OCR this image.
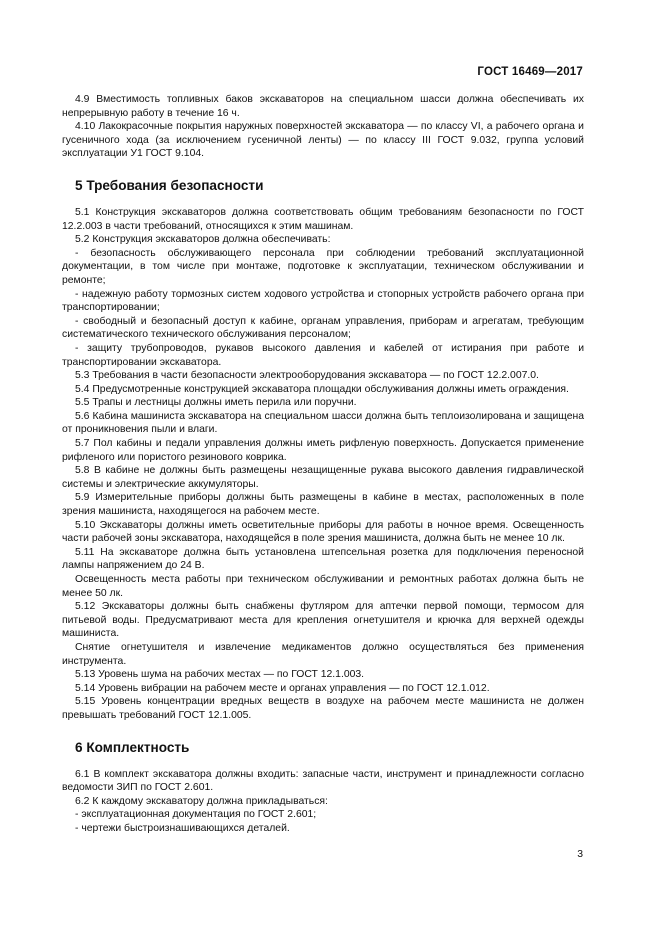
ГОСТ 16469—2017

4.9 Вместимость топливных баков экскаваторов на специальном шасси должна обеспечивать их непрерывную работу в течение 16 ч.

4.10 Лакокрасочные покрытия наружных поверхностей экскаватора — по классу VI, а рабочего органа и гусеничного хода (за исключением гусеничной ленты) — по классу III ГОСТ 9.032, группа условий эксплуатации У1 ГОСТ 9.104.

5 Требования безопасности

5.1 Конструкция экскаваторов должна соответствовать общим требованиям безопасности по ГОСТ 12.2.003 в части требований, относящихся к этим машинам.

5.2 Конструкция экскаваторов должна обеспечивать:

- безопасность обслуживающего персонала при соблюдении требований эксплуатационной документации, в том числе при монтаже, подготовке к эксплуатации, техническом обслуживании и ремонте;

- надежную работу тормозных систем ходового устройства и стопорных устройств рабочего органа при транспортировании;

- свободный и безопасный доступ к кабине, органам управления, приборам и агрегатам, требующим систематического технического обслуживания персоналом;

- защиту трубопроводов, рукавов высокого давления и кабелей от истирания при работе и транспортировании экскаватора.

5.3 Требования в части безопасности электрооборудования экскаватора — по ГОСТ 12.2.007.0.

5.4 Предусмотренные конструкцией экскаватора площадки обслуживания должны иметь ограждения.

5.5 Трапы и лестницы должны иметь перила или поручни.

5.6 Кабина машиниста экскаватора на специальном шасси должна быть теплоизолирована и защищена от проникновения пыли и влаги.

5.7 Пол кабины и педали управления должны иметь рифленую поверхность. Допускается применение рифленого или пористого резинового коврика.

5.8 В кабине не должны быть размещены незащищенные рукава высокого давления гидравлической системы и электрические аккумуляторы.

5.9 Измерительные приборы должны быть размещены в кабине в местах, расположенных в поле зрения машиниста, находящегося на рабочем месте.

5.10 Экскаваторы должны иметь осветительные приборы для работы в ночное время. Освещенность части рабочей зоны экскаватора, находящейся в поле зрения машиниста, должна быть не менее 10 лк.

5.11 На экскаваторе должна быть установлена штепсельная розетка для подключения переносной лампы напряжением до 24 В.

Освещенность места работы при техническом обслуживании и ремонтных работах должна быть не менее 50 лк.

5.12 Экскаваторы должны быть снабжены футляром для аптечки первой помощи, термосом для питьевой воды. Предусматривают места для крепления огнетушителя и крючка для верхней одежды машиниста.

Снятие огнетушителя и извлечение медикаментов должно осуществляться без применения инструмента.

5.13 Уровень шума на рабочих местах — по ГОСТ 12.1.003.

5.14 Уровень вибрации на рабочем месте и органах управления — по ГОСТ 12.1.012.

5.15 Уровень концентрации вредных веществ в воздухе на рабочем месте машиниста не должен превышать требований ГОСТ 12.1.005.

6 Комплектность

6.1 В комплект экскаватора должны входить: запасные части, инструмент и принадлежности согласно ведомости ЗИП по ГОСТ 2.601.

6.2 К каждому экскаватору должна прикладываться:

- эксплуатационная документация по ГОСТ 2.601;

- чертежи быстроизнашивающихся деталей.

3
